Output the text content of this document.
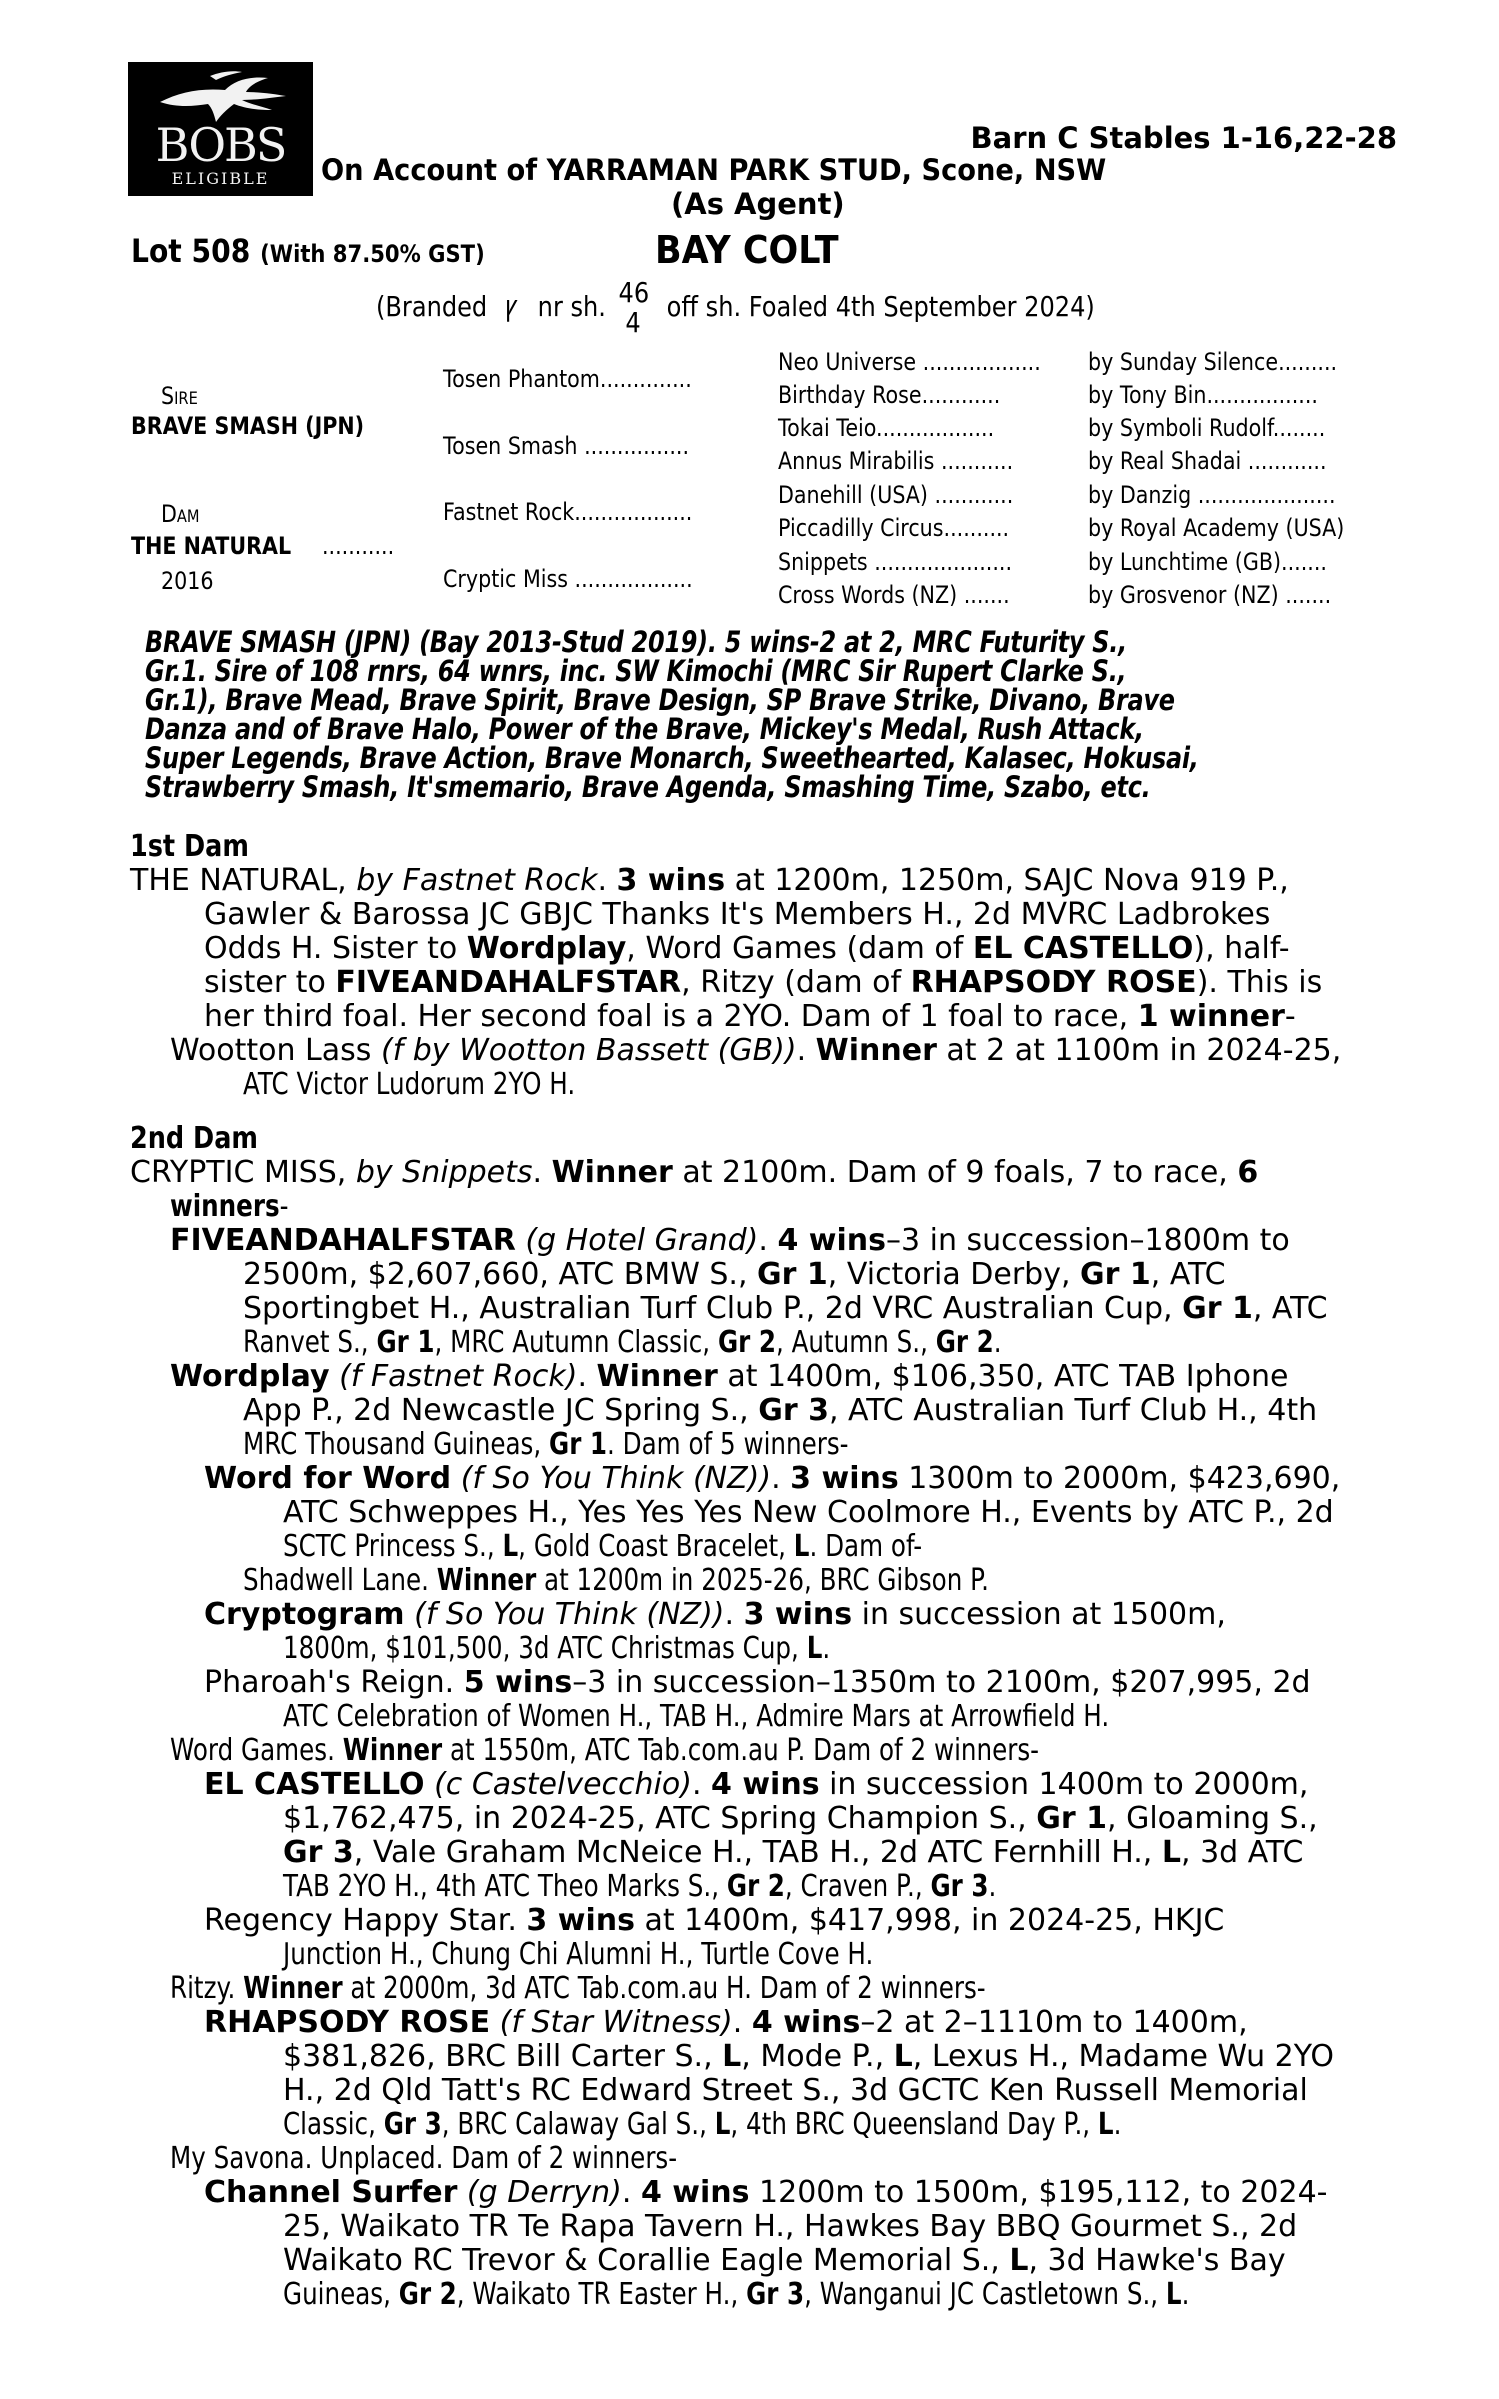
BOBS
ELIGIBLE
Barn C Stables 1-16,22-28
On Account of YARRAMAN PARK STUD, Scone, NSW
(As Agent)
Lot 508 (With 87.50% GST)	BAY COLT
(Branded ꝩ nr sh. 46
4 off sh. Foaled 4th September 2024)
Sire
BRAVE SMASH (JPN)
Dam
THE NATURAL	...........
2016
Tosen Phantom..............
Tosen Smash ................
Fastnet Rock..................
Cryptic Miss ..................
Neo Universe ..................
Birthday Rose............
Tokai Teio..................
Annus Mirabilis ...........
Danehill (USA) ............
Piccadilly Circus..........
Snippets .....................
Cross Words (NZ) .......
by Sunday Silence.........
by Tony Bin.................
by Symboli Rudolf........
by Real Shadai ............
by Danzig .....................
by Royal Academy (USA)
by Lunchtime (GB).......
by Grosvenor (NZ) .......
BRAVE SMASH (JPN) (Bay 2013-Stud 2019). 5 wins-2 at 2, MRC Futurity S.,
Gr.1. Sire of 108 rnrs, 64 wnrs, inc. SW Kimochi (MRC Sir Rupert Clarke S.,
Gr.1), Brave Mead, Brave Spirit, Brave Design, SP Brave Strike, Divano, Brave
Danza and of Brave Halo, Power of the Brave, Mickey's Medal, Rush Attack,
Super Legends, Brave Action, Brave Monarch, Sweethearted, Kalasec, Hokusai,
Strawberry Smash, It'smemario, Brave Agenda, Smashing Time, Szabo, etc.
1st Dam
THE NATURAL, by Fastnet Rock. 3 wins at 1200m, 1250m, SAJC Nova 919 P.,
Gawler & Barossa JC GBJC Thanks It's Members H., 2d MVRC Ladbrokes
Odds H. Sister to Wordplay, Word Games (dam of EL CASTELLO), half-
sister to FIVEANDAHALFSTAR, Ritzy (dam of RHAPSODY ROSE). This is
her third foal. Her second foal is a 2YO. Dam of 1 foal to race, 1 winner-
Wootton Lass (f by Wootton Bassett (GB)). Winner at 2 at 1100m in 2024-25,
ATC Victor Ludorum 2YO H.
2nd Dam
CRYPTIC MISS, by Snippets. Winner at 2100m. Dam of 9 foals, 7 to race, 6
winners-
FIVEANDAHALFSTAR (g Hotel Grand). 4 wins–3 in succession–1800m to
2500m, $2,607,660, ATC BMW S., Gr 1, Victoria Derby, Gr 1, ATC
Sportingbet H., Australian Turf Club P., 2d VRC Australian Cup, Gr 1, ATC
Ranvet S., Gr 1, MRC Autumn Classic, Gr 2, Autumn S., Gr 2.
Wordplay (f Fastnet Rock). Winner at 1400m, $106,350, ATC TAB Iphone
App P., 2d Newcastle JC Spring S., Gr 3, ATC Australian Turf Club H., 4th
MRC Thousand Guineas, Gr 1. Dam of 5 winners-
Word for Word (f So You Think (NZ)). 3 wins 1300m to 2000m, $423,690,
ATC Schweppes H., Yes Yes Yes New Coolmore H., Events by ATC P., 2d
SCTC Princess S., L, Gold Coast Bracelet, L. Dam of-
Shadwell Lane. Winner at 1200m in 2025-26, BRC Gibson P.
Cryptogram (f So You Think (NZ)). 3 wins in succession at 1500m,
1800m, $101,500, 3d ATC Christmas Cup, L.
Pharoah's Reign. 5 wins–3 in succession–1350m to 2100m, $207,995, 2d
ATC Celebration of Women H., TAB H., Admire Mars at Arrowfield H.
Word Games. Winner at 1550m, ATC Tab.com.au P. Dam of 2 winners-
EL CASTELLO (c Castelvecchio). 4 wins in succession 1400m to 2000m,
$1,762,475, in 2024-25, ATC Spring Champion S., Gr 1, Gloaming S.,
Gr 3, Vale Graham McNeice H., TAB H., 2d ATC Fernhill H., L, 3d ATC
TAB 2YO H., 4th ATC Theo Marks S., Gr 2, Craven P., Gr 3.
Regency Happy Star. 3 wins at 1400m, $417,998, in 2024-25, HKJC
Junction H., Chung Chi Alumni H., Turtle Cove H.
Ritzy. Winner at 2000m, 3d ATC Tab.com.au H. Dam of 2 winners-
RHAPSODY ROSE (f Star Witness). 4 wins–2 at 2–1110m to 1400m,
$381,826, BRC Bill Carter S., L, Mode P., L, Lexus H., Madame Wu 2YO
H., 2d Qld Tatt's RC Edward Street S., 3d GCTC Ken Russell Memorial
Classic, Gr 3, BRC Calaway Gal S., L, 4th BRC Queensland Day P., L.
My Savona. Unplaced. Dam of 2 winners-
Channel Surfer (g Derryn). 4 wins 1200m to 1500m, $195,112, to 2024-
25, Waikato TR Te Rapa Tavern H., Hawkes Bay BBQ Gourmet S., 2d
Waikato RC Trevor & Corallie Eagle Memorial S., L, 3d Hawke's Bay
Guineas, Gr 2, Waikato TR Easter H., Gr 3, Wanganui JC Castletown S., L.
